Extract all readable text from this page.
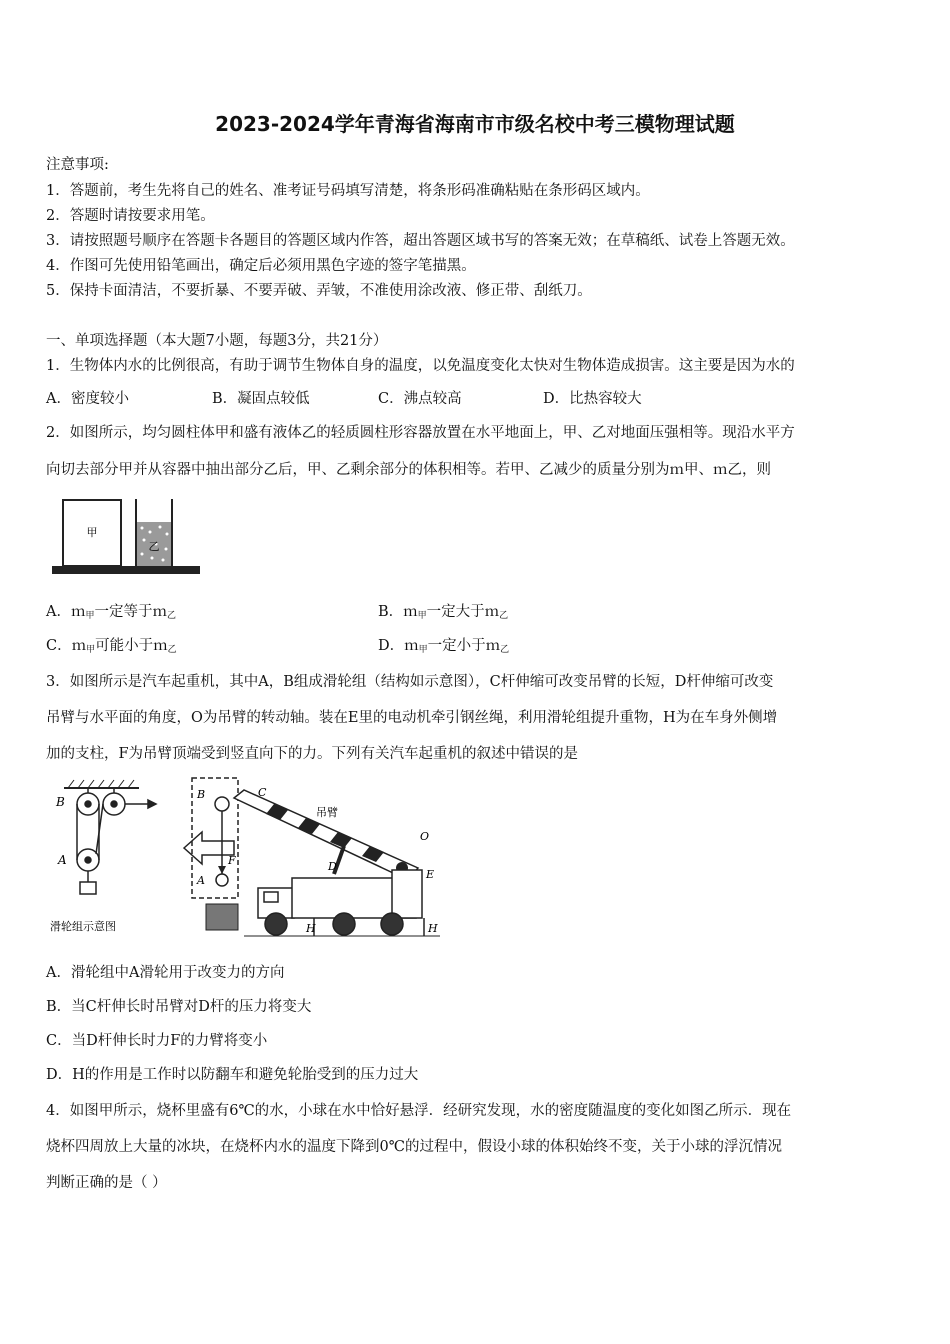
2023-2024学年青海省海南市市级名校中考三模物理试题
注意事项:
1．答题前，考生先将自己的姓名、准考证号码填写清楚，将条形码准确粘贴在条形码区域内。
2．答题时请按要求用笔。
3．请按照题号顺序在答题卡各题目的答题区域内作答，超出答题区域书写的答案无效；在草稿纸、试卷上答题无效。
4．作图可先使用铅笔画出，确定后必须用黑色字迹的签字笔描黑。
5．保持卡面清洁，不要折暴、不要弄破、弄皱，不准使用涂改液、修正带、刮纸刀。
一、单项选择题（本大题7小题，每题3分，共21分）
1．生物体内水的比例很高，有助于调节生物体自身的温度，以免温度变化太快对生物体造成损害。这主要是因为水的
A．密度较小	B．凝固点较低	C．沸点较高	D．比热容较大
2．如图所示，均匀圆柱体甲和盛有液体乙的轻质圆柱形容器放置在水平地面上，甲、乙对地面压强相等。现沿水平方
向切去部分甲并从容器中抽出部分乙后，甲、乙剩余部分的体积相等。若甲、乙减少的质量分别为ｍ甲、ｍ乙，则
甲
乙
A．ｍ$_甲$一定等于ｍ$_乙$	B．ｍ$_甲$一定大于ｍ$_乙$
C．ｍ$_甲$可能小于ｍ$_乙$	D．ｍ$_甲$一定小于ｍ$_乙$
3．如图所示是汽车起重机，其中A，B组成滑轮组（结构如示意图），C杆伸缩可改变吊臂的长短，D杆伸缩可改变
吊臂与水平面的角度，O为吊臂的转动轴。装在E里的电动机牵引钢丝绳，利用滑轮组提升重物，H为在车身外侧增
加的支柱，F为吊臂顶端受到竖直向下的力。下列有关汽车起重机的叙述中错误的是
B
A
滑轮组示意图
B
A
F
吊臂
C
O
D
E
H	H
A．滑轮组中A滑轮用于改变力的方向
B．当C杆伸长时吊臂对D杆的压力将变大
C．当D杆伸长时力F的力臂将变小
D．H的作用是工作时以防翻车和避免轮胎受到的压力过大
4．如图甲所示，烧杯里盛有6℃的水，小球在水中恰好悬浮．经研究发现，水的密度随温度的变化如图乙所示．现在
烧杯四周放上大量的冰块，在烧杯内水的温度下降到0℃的过程中，假设小球的体积始终不变，关于小球的浮沉情况
判断正确的是（ ）
